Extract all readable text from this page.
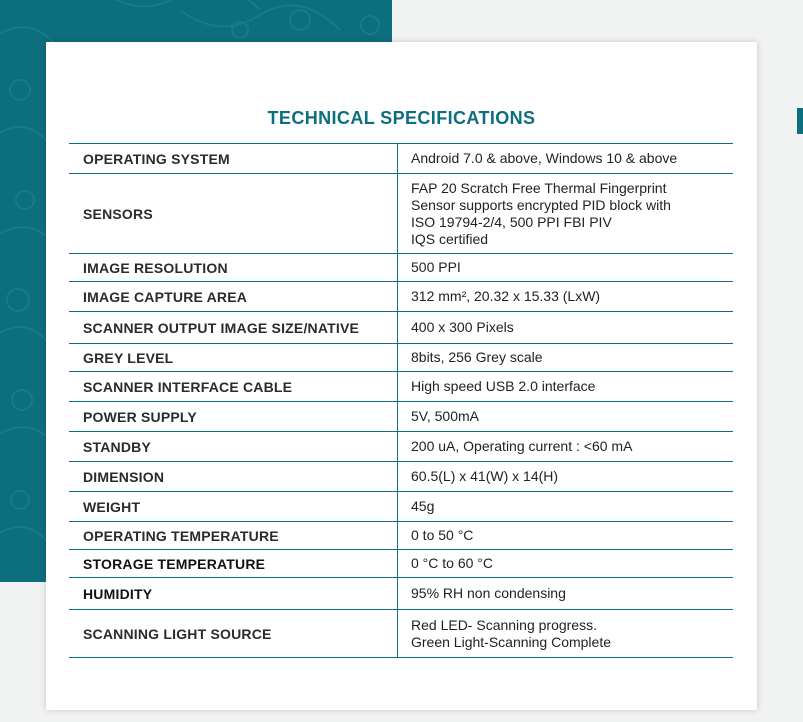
TECHNICAL SPECIFICATIONS
OPERATING SYSTEM	Android 7.0 & above, Windows 10 & above
SENSORS	FAP 20 Scratch Free Thermal Fingerprint
Sensor supports encrypted PID block with
ISO 19794-2/4, 500 PPI FBI PIV
IQS certified
IMAGE RESOLUTION	500 PPI
IMAGE CAPTURE AREA	312 mm², 20.32 x 15.33 (LxW)
SCANNER OUTPUT IMAGE SIZE/NATIVE	400 x 300 Pixels
GREY LEVEL	8bits, 256 Grey scale
SCANNER INTERFACE CABLE	High speed USB 2.0 interface
POWER SUPPLY	5V, 500mA
STANDBY	200 uA, Operating current : <60 mA
DIMENSION	60.5(L) x 41(W) x 14(H)
WEIGHT	45g
OPERATING TEMPERATURE	0 to 50 °C
STORAGE TEMPERATURE	0 °C to 60 °C
HUMIDITY	95% RH non condensing
SCANNING LIGHT SOURCE	Red LED- Scanning progress.
Green Light-Scanning Complete
